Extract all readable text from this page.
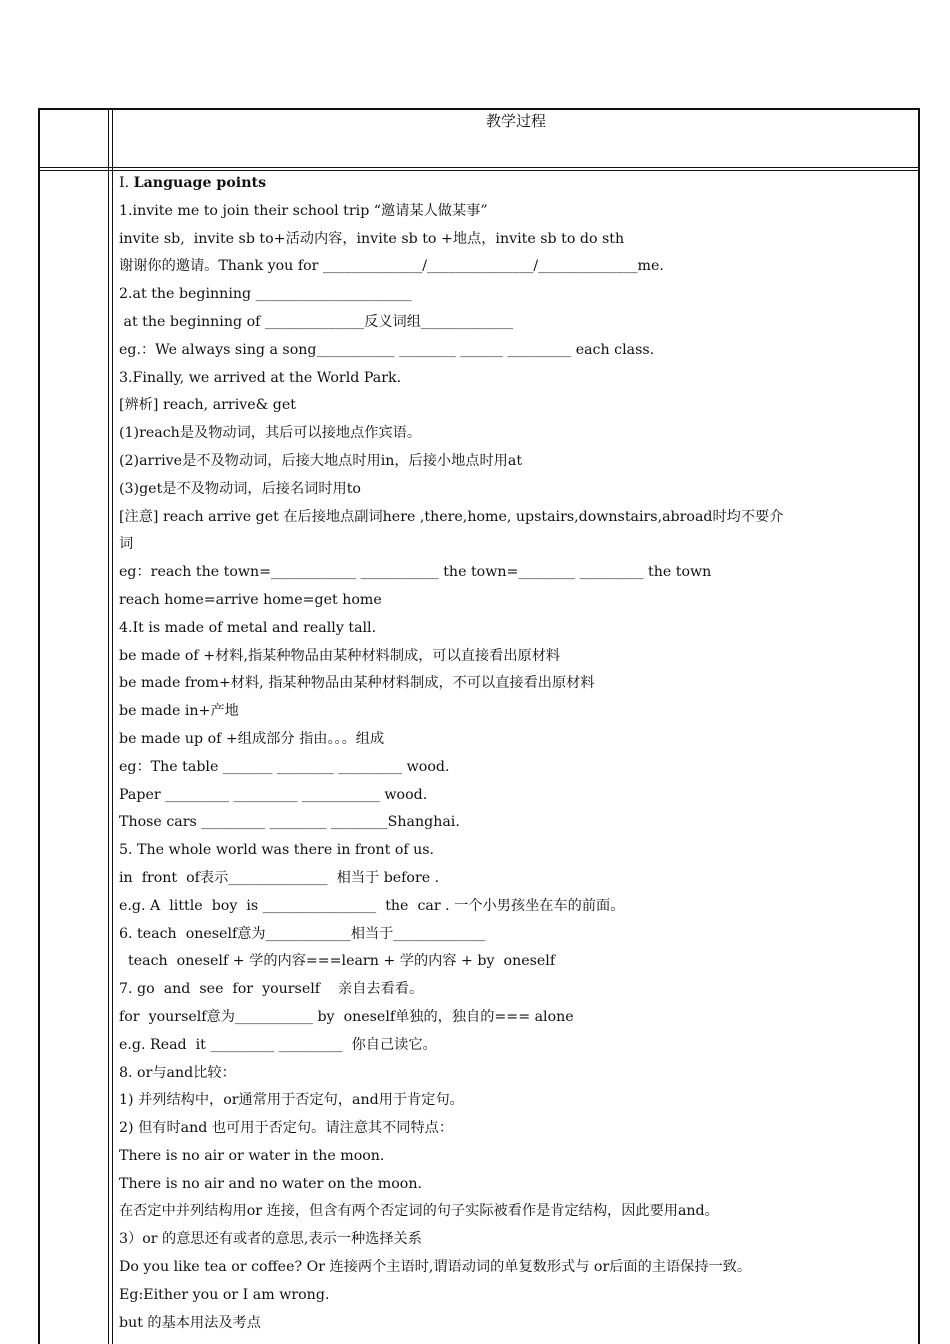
教学过程
I. Language points
1.invite me to join their school trip “邀请某人做某事”
invite sb,  invite sb to+活动内容，invite sb to +地点，invite sb to do sth
谢谢你的邀请。Thank you for ______________/_______________/______________me.
2.at the beginning ______________________
at the beginning of ______________反义词组_____________
eg.：We always sing a song___________ ________ ______ _________ each class.
3.Finally, we arrived at the World Park.
[辨析] reach, arrive& get
(1)reach是及物动词，其后可以接地点作宾语。
(2)arrive是不及物动词，后接大地点时用in，后接小地点时用at
(3)get是不及物动词，后接名词时用to
[注意] reach arrive get 在后接地点副词here ,there,home, upstairs,downstairs,abroad时均不要介
词
eg：reach the town=____________ ___________ the town=________ _________ the town
reach home=arrive home=get home
4.It is made of metal and really tall.
be made of +材料,指某种物品由某种材料制成，可以直接看出原材料
be made from+材料, 指某种物品由某种材料制成，不可以直接看出原材料
be made in+产地
be made up of +组成部分 指由。。。组成
eg：The table _______ ________ _________ wood.
Paper _________ _________ ___________ wood.
Those cars _________ ________ ________Shanghai.
5. The whole world was there in front of us.
in  front  of表示______________  相当于 before .
e.g. A  little  boy  is ________________  the  car . 一个小男孩坐在车的前面。
6. teach  oneself意为____________相当于_____________
teach  oneself + 学的内容===learn + 学的内容 + by  oneself
7. go  and  see  for  yourself    亲自去看看。
for  yourself意为___________ by  oneself单独的，独自的=== alone
e.g. Read  it _________ _________  你自己读它。
8. or与and比较：
1) 并列结构中，or通常用于否定句，and用于肯定句。
2) 但有时and 也可用于否定句。请注意其不同特点：
There is no air or water in the moon.
There is no air and no water on the moon.
在否定中并列结构用or 连接，但含有两个否定词的句子实际被看作是肯定结构，因此要用and。
3）or 的意思还有或者的意思,表示一种选择关系
Do you like tea or coffee? Or 连接两个主语时,谓语动词的单复数形式与 or后面的主语保持一致。
Eg:Either you or I am wrong.
but 的基本用法及考点
